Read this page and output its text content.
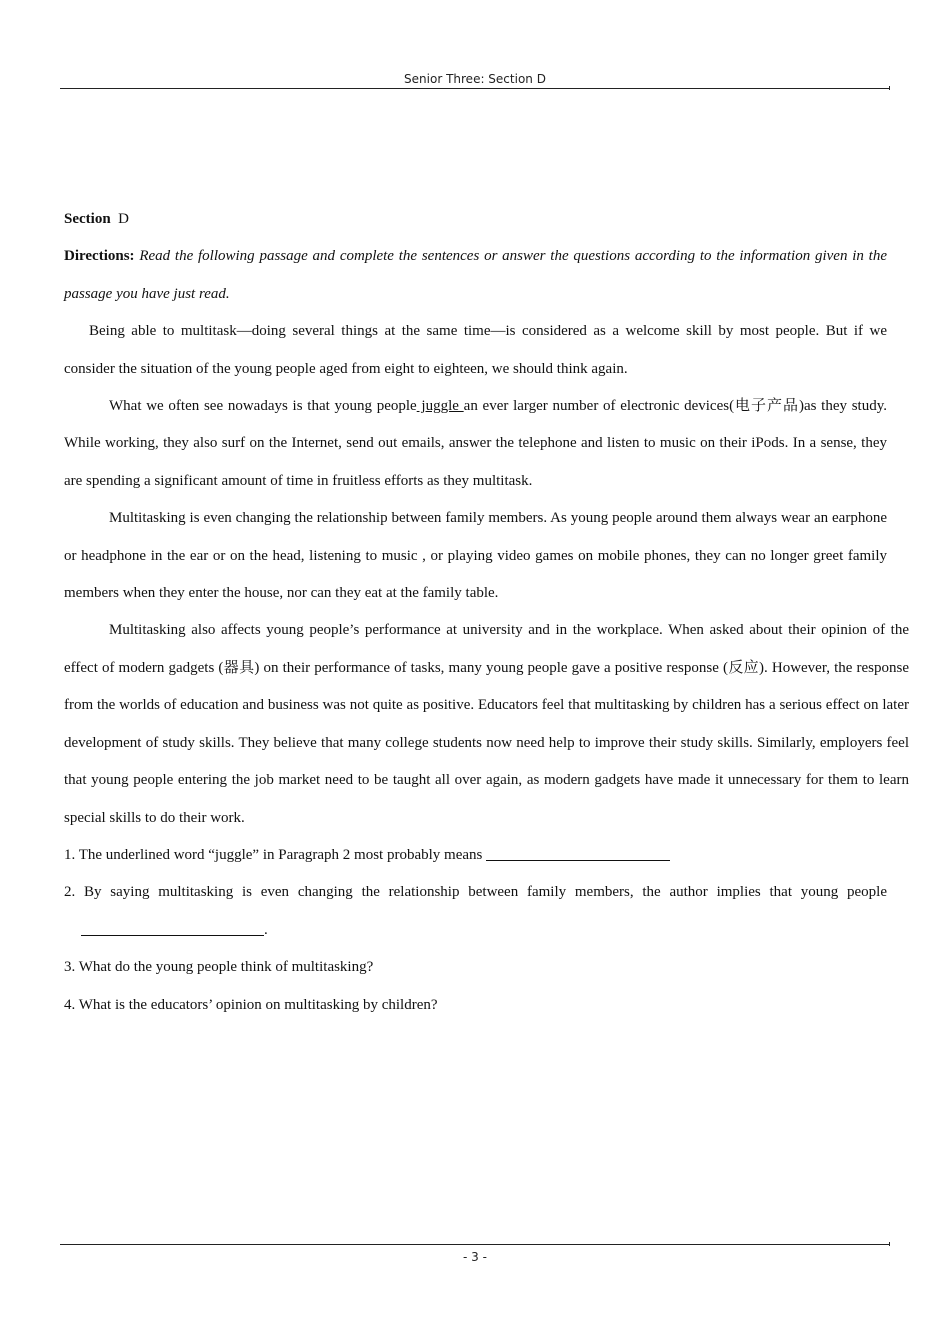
Senior Three: Section D

Section D

Directions: Read the following passage and complete the sentences or answer the questions according to the information given in the passage you have just read.

Being able to multitask—doing several things at the same time—is considered as a welcome skill by most people. But if we consider the situation of the young people aged from eight to eighteen, we should think again.

What we often see nowadays is that young people juggle an ever larger number of electronic devices(电子产品)as they study. While working, they also surf on the Internet, send out emails, answer the telephone and listen to music on their iPods. In a sense, they are spending a significant amount of time in fruitless efforts as they multitask.

Multitasking is even changing the relationship between family members. As young people around them always wear an earphone or headphone in the ear or on the head, listening to music , or playing video games on mobile phones, they can no longer greet family members when they enter the house, nor can they eat at the family table.

Multitasking also affects young people’s performance at university and in the workplace. When asked about their opinion of the effect of modern gadgets (器具) on their performance of tasks, many young people gave a positive response (反应). However, the response from the worlds of education and business was not quite as positive. Educators feel that multitasking by children has a serious effect on later development of study skills. They believe that many college students now need help to improve their study skills. Similarly, employers feel that young people entering the job market need to be taught all over again, as modern gadgets have made it unnecessary for them to learn special skills to do their work.

1. The underlined word “juggle” in Paragraph 2 most probably means

2. By saying multitasking is even changing the relationship between family members, the author implies that young people .

3. What do the young people think of multitasking?

4. What is the educators’ opinion on multitasking by children?

- 3 -
